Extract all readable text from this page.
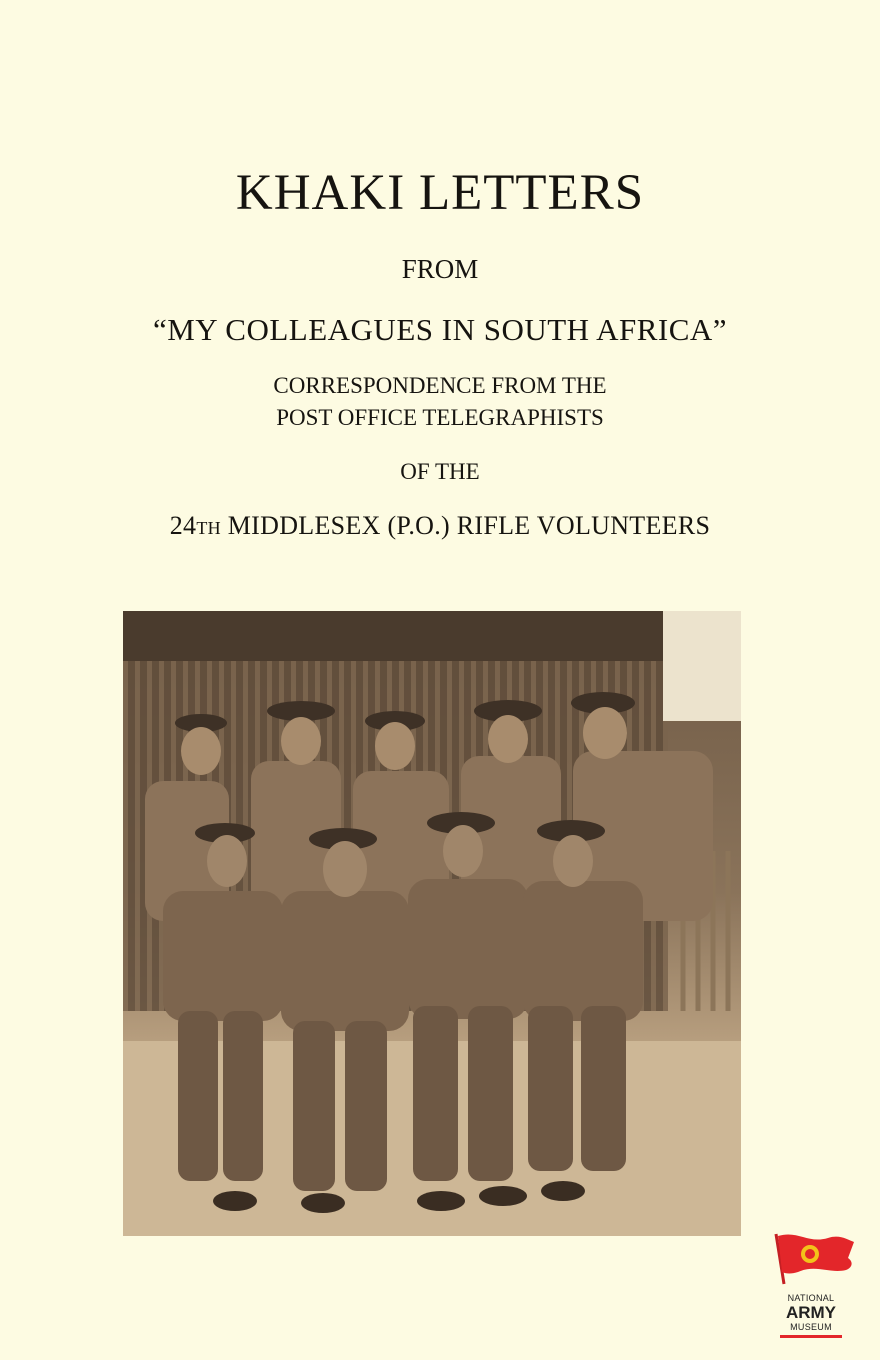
KHAKI LETTERS
FROM
“MY COLLEAGUES IN SOUTH AFRICA”
CORRESPONDENCE FROM THE
POST OFFICE TELEGRAPHISTS
OF THE
24TH MIDDLESEX (P.O.) RIFLE VOLUNTEERS
NATIONAL
ARMY
MUSEUM
